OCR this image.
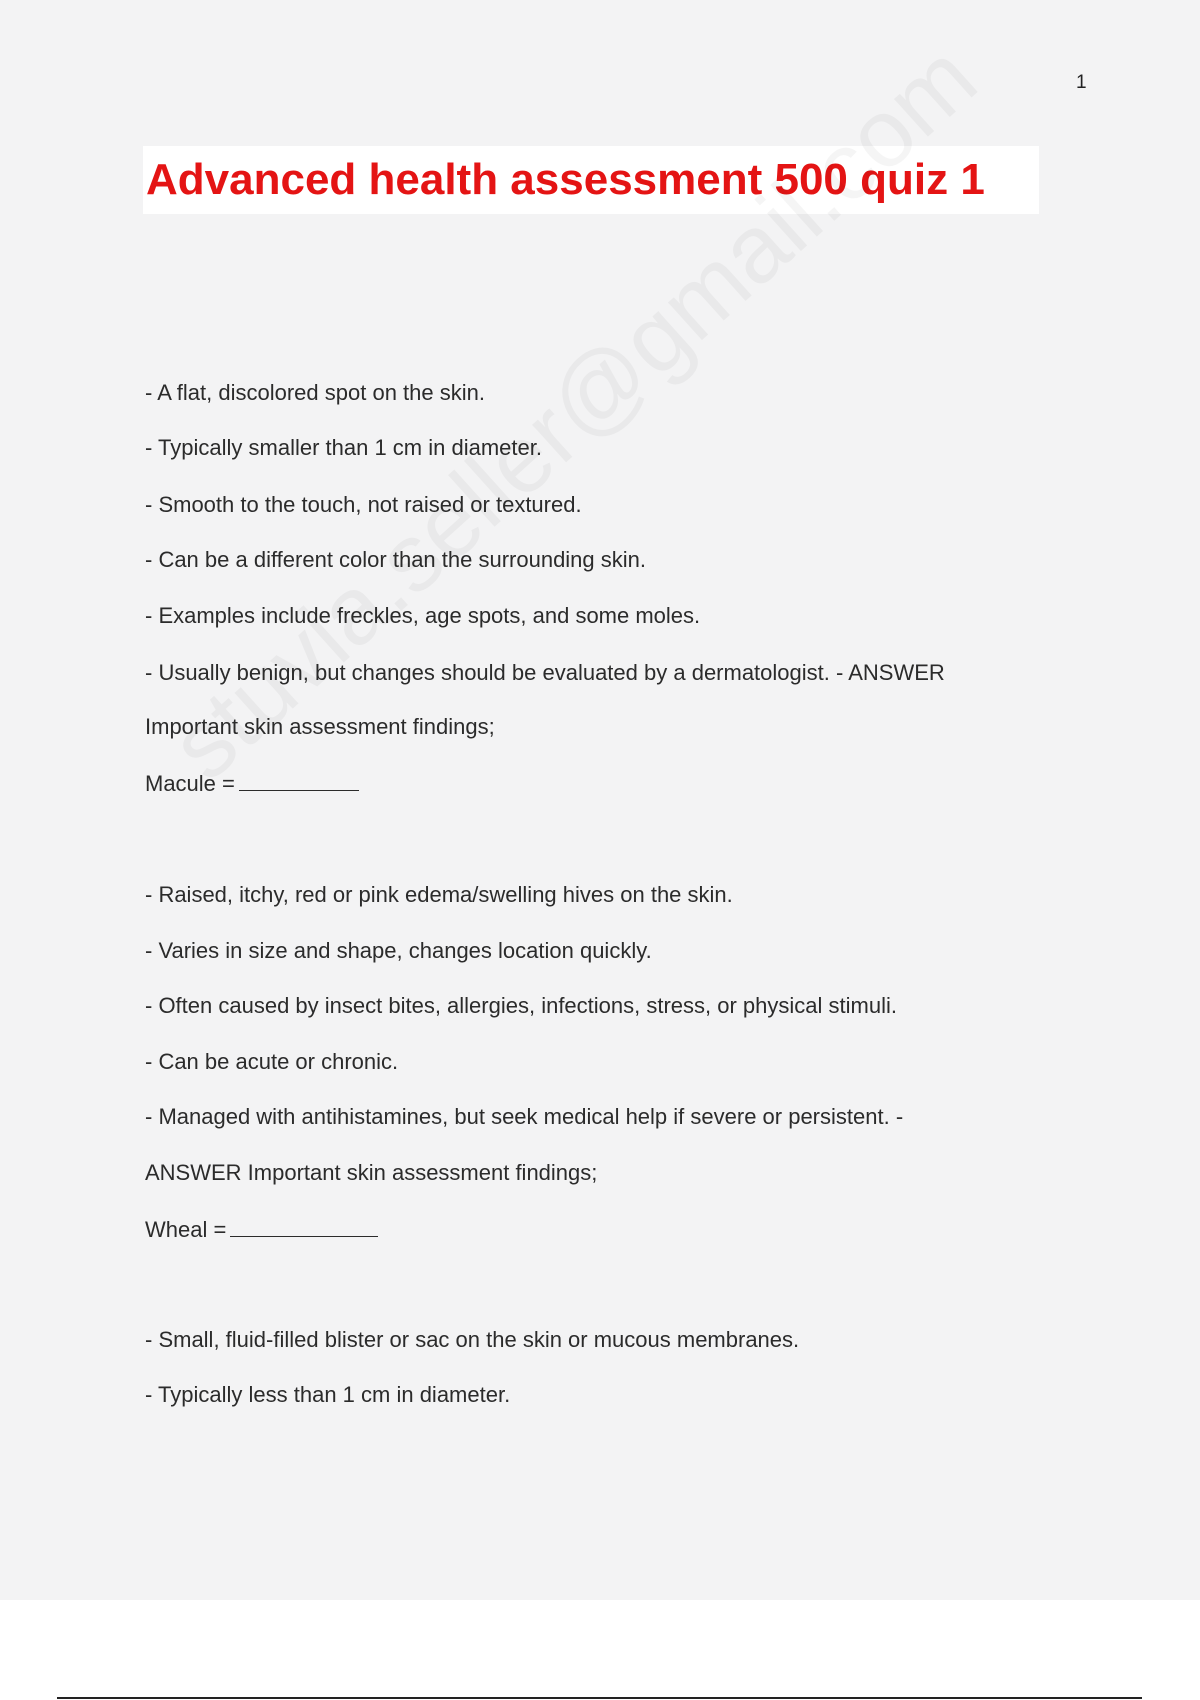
1
Advanced health assessment 500 quiz 1
- A flat, discolored spot on the skin.
- Typically smaller than 1 cm in diameter.
- Smooth to the touch, not raised or textured.
- Can be a different color than the surrounding skin.
- Examples include freckles, age spots, and some moles.
- Usually benign, but changes should be evaluated by a dermatologist. - ANSWER
Important skin assessment findings;
Macule =
- Raised, itchy, red or pink edema/swelling hives on the skin.
- Varies in size and shape, changes location quickly.
- Often caused by insect bites, allergies, infections, stress, or physical stimuli.
- Can be acute or chronic.
- Managed with antihistamines, but seek medical help if severe or persistent. -
ANSWER Important skin assessment findings;
Wheal =
- Small, fluid-filled blister or sac on the skin or mucous membranes.
- Typically less than 1 cm in diameter.
